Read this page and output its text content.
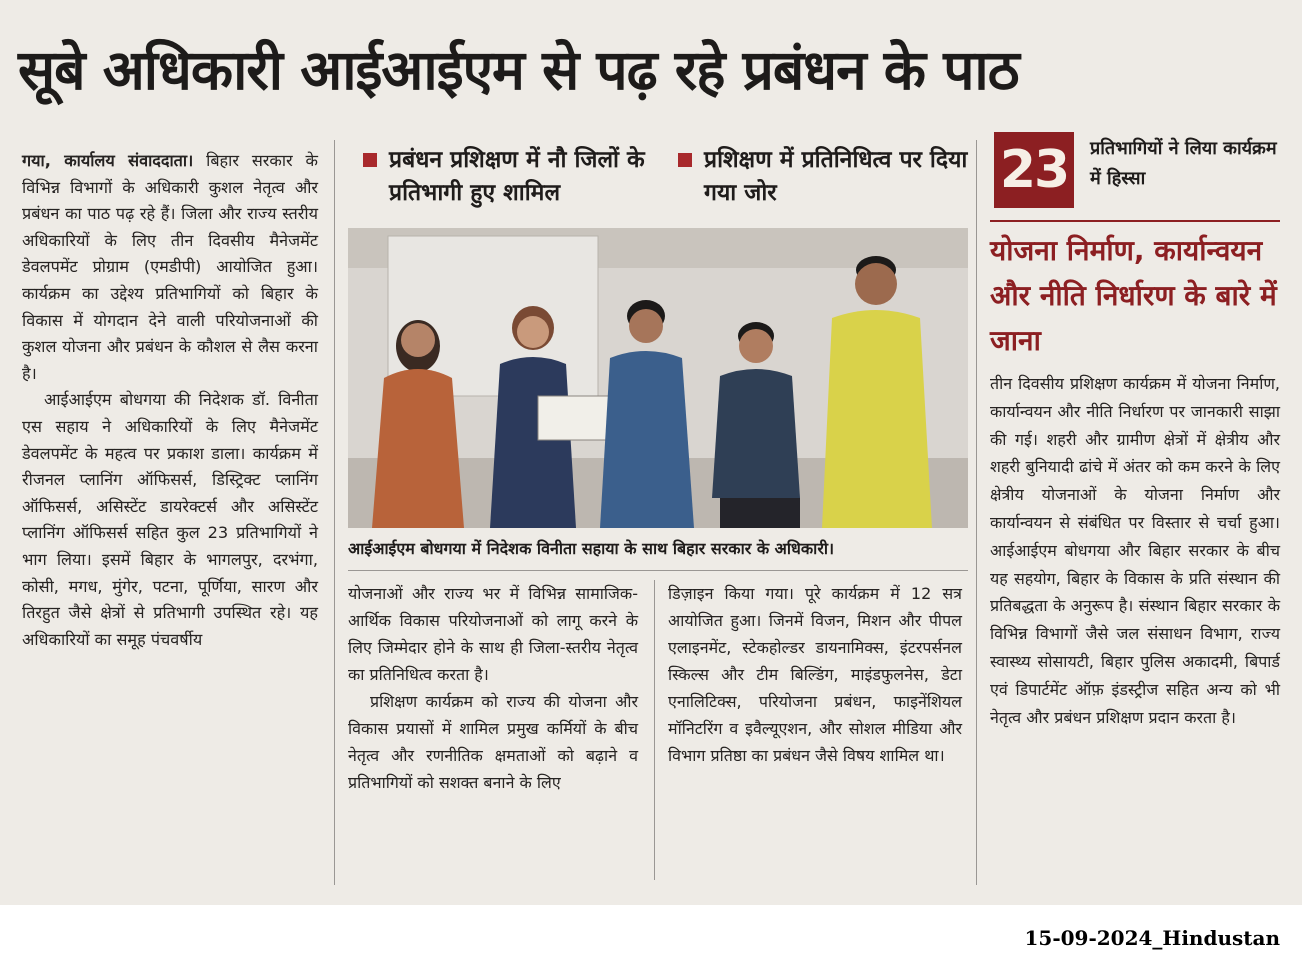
सूबे अधिकारी आईआईएम से पढ़ रहे प्रबंधन के पाठ

गया, कार्यालय संवाददाता। बिहार सरकार के विभिन्न विभागों के अधिकारी कुशल नेतृत्व और प्रबंधन का पाठ पढ़ रहे हैं। जिला और राज्य स्तरीय अधिकारियों के लिए तीन दिवसीय मैनेजमेंट डेवलपमेंट प्रोग्राम (एमडीपी) आयोजित हुआ। कार्यक्रम का उद्देश्य प्रतिभागियों को बिहार के विकास में योगदान देने वाली परियोजनाओं की कुशल योजना और प्रबंधन के कौशल से लैस करना है।

आईआईएम बोधगया की निदेशक डॉ. विनीता एस सहाय ने अधिकारियों के लिए मैनेजमेंट डेवलपमेंट के महत्व पर प्रकाश डाला। कार्यक्रम में रीजनल प्लानिंग ऑफिसर्स, डिस्ट्रिक्ट प्लानिंग ऑफिसर्स, असिस्टेंट डायरेक्टर्स और असिस्टेंट प्लानिंग ऑफिसर्स सहित कुल 23 प्रतिभागियों ने भाग लिया। इसमें बिहार के भागलपुर, दरभंगा, कोसी, मगध, मुंगेर, पटना, पूर्णिया, सारण और तिरहुत जैसे क्षेत्रों से प्रतिभागी उपस्थित रहे। यह अधिकारियों का समूह पंचवर्षीय

प्रबंधन प्रशिक्षण में नौ जिलों के प्रतिभागी हुए शामिल
प्रशिक्षण में प्रतिनिधित्व पर दिया गया जोर
आईआईएम बोधगया में निदेशक विनीता सहाया के साथ बिहार सरकार के अधिकारी।

योजनाओं और राज्य भर में विभिन्न सामाजिक-आर्थिक विकास परियोजनाओं को लागू करने के लिए जिम्मेदार होने के साथ ही जिला-स्तरीय नेतृत्व का प्रतिनिधित्व करता है।

प्रशिक्षण कार्यक्रम को राज्य की योजना और विकास प्रयासों में शामिल प्रमुख कर्मियों के बीच नेतृत्व और रणनीतिक क्षमताओं को बढ़ाने व प्रतिभागियों को सशक्त बनाने के लिए

डिज़ाइन किया गया। पूरे कार्यक्रम में 12 सत्र आयोजित हुआ। जिनमें विजन, मिशन और पीपल एलाइनमेंट, स्टेकहोल्डर डायनामिक्स, इंटरपर्सनल स्किल्स और टीम बिल्डिंग, माइंडफुलनेस, डेटा एनालिटिक्स, परियोजना प्रबंधन, फाइनेंशियल मॉनिटरिंग व इवैल्यूएशन, और सोशल मीडिया और विभाग प्रतिष्ठा का प्रबंधन जैसे विषय शामिल था।

23	प्रतिभागियों ने लिया कार्यक्रम में हिस्सा
योजना निर्माण, कार्यान्वयन और नीति निर्धारण के बारे में जाना

तीन दिवसीय प्रशिक्षण कार्यक्रम में योजना निर्माण, कार्यान्वयन और नीति निर्धारण पर जानकारी साझा की गई। शहरी और ग्रामीण क्षेत्रों में क्षेत्रीय और शहरी बुनियादी ढांचे में अंतर को कम करने के लिए क्षेत्रीय योजनाओं के योजना निर्माण और कार्यान्वयन से संबंधित पर विस्तार से चर्चा हुआ। आईआईएम बोधगया और बिहार सरकार के बीच यह सहयोग, बिहार के विकास के प्रति संस्थान की प्रतिबद्धता के अनुरूप है। संस्थान बिहार सरकार के विभिन्न विभागों जैसे जल संसाधन विभाग, राज्य स्वास्थ्य सोसायटी, बिहार पुलिस अकादमी, बिपार्ड एवं डिपार्टमेंट ऑफ़ इंडस्ट्रीज सहित अन्य को भी नेतृत्व और प्रबंधन प्रशिक्षण प्रदान करता है।

15-09-2024_Hindustan
